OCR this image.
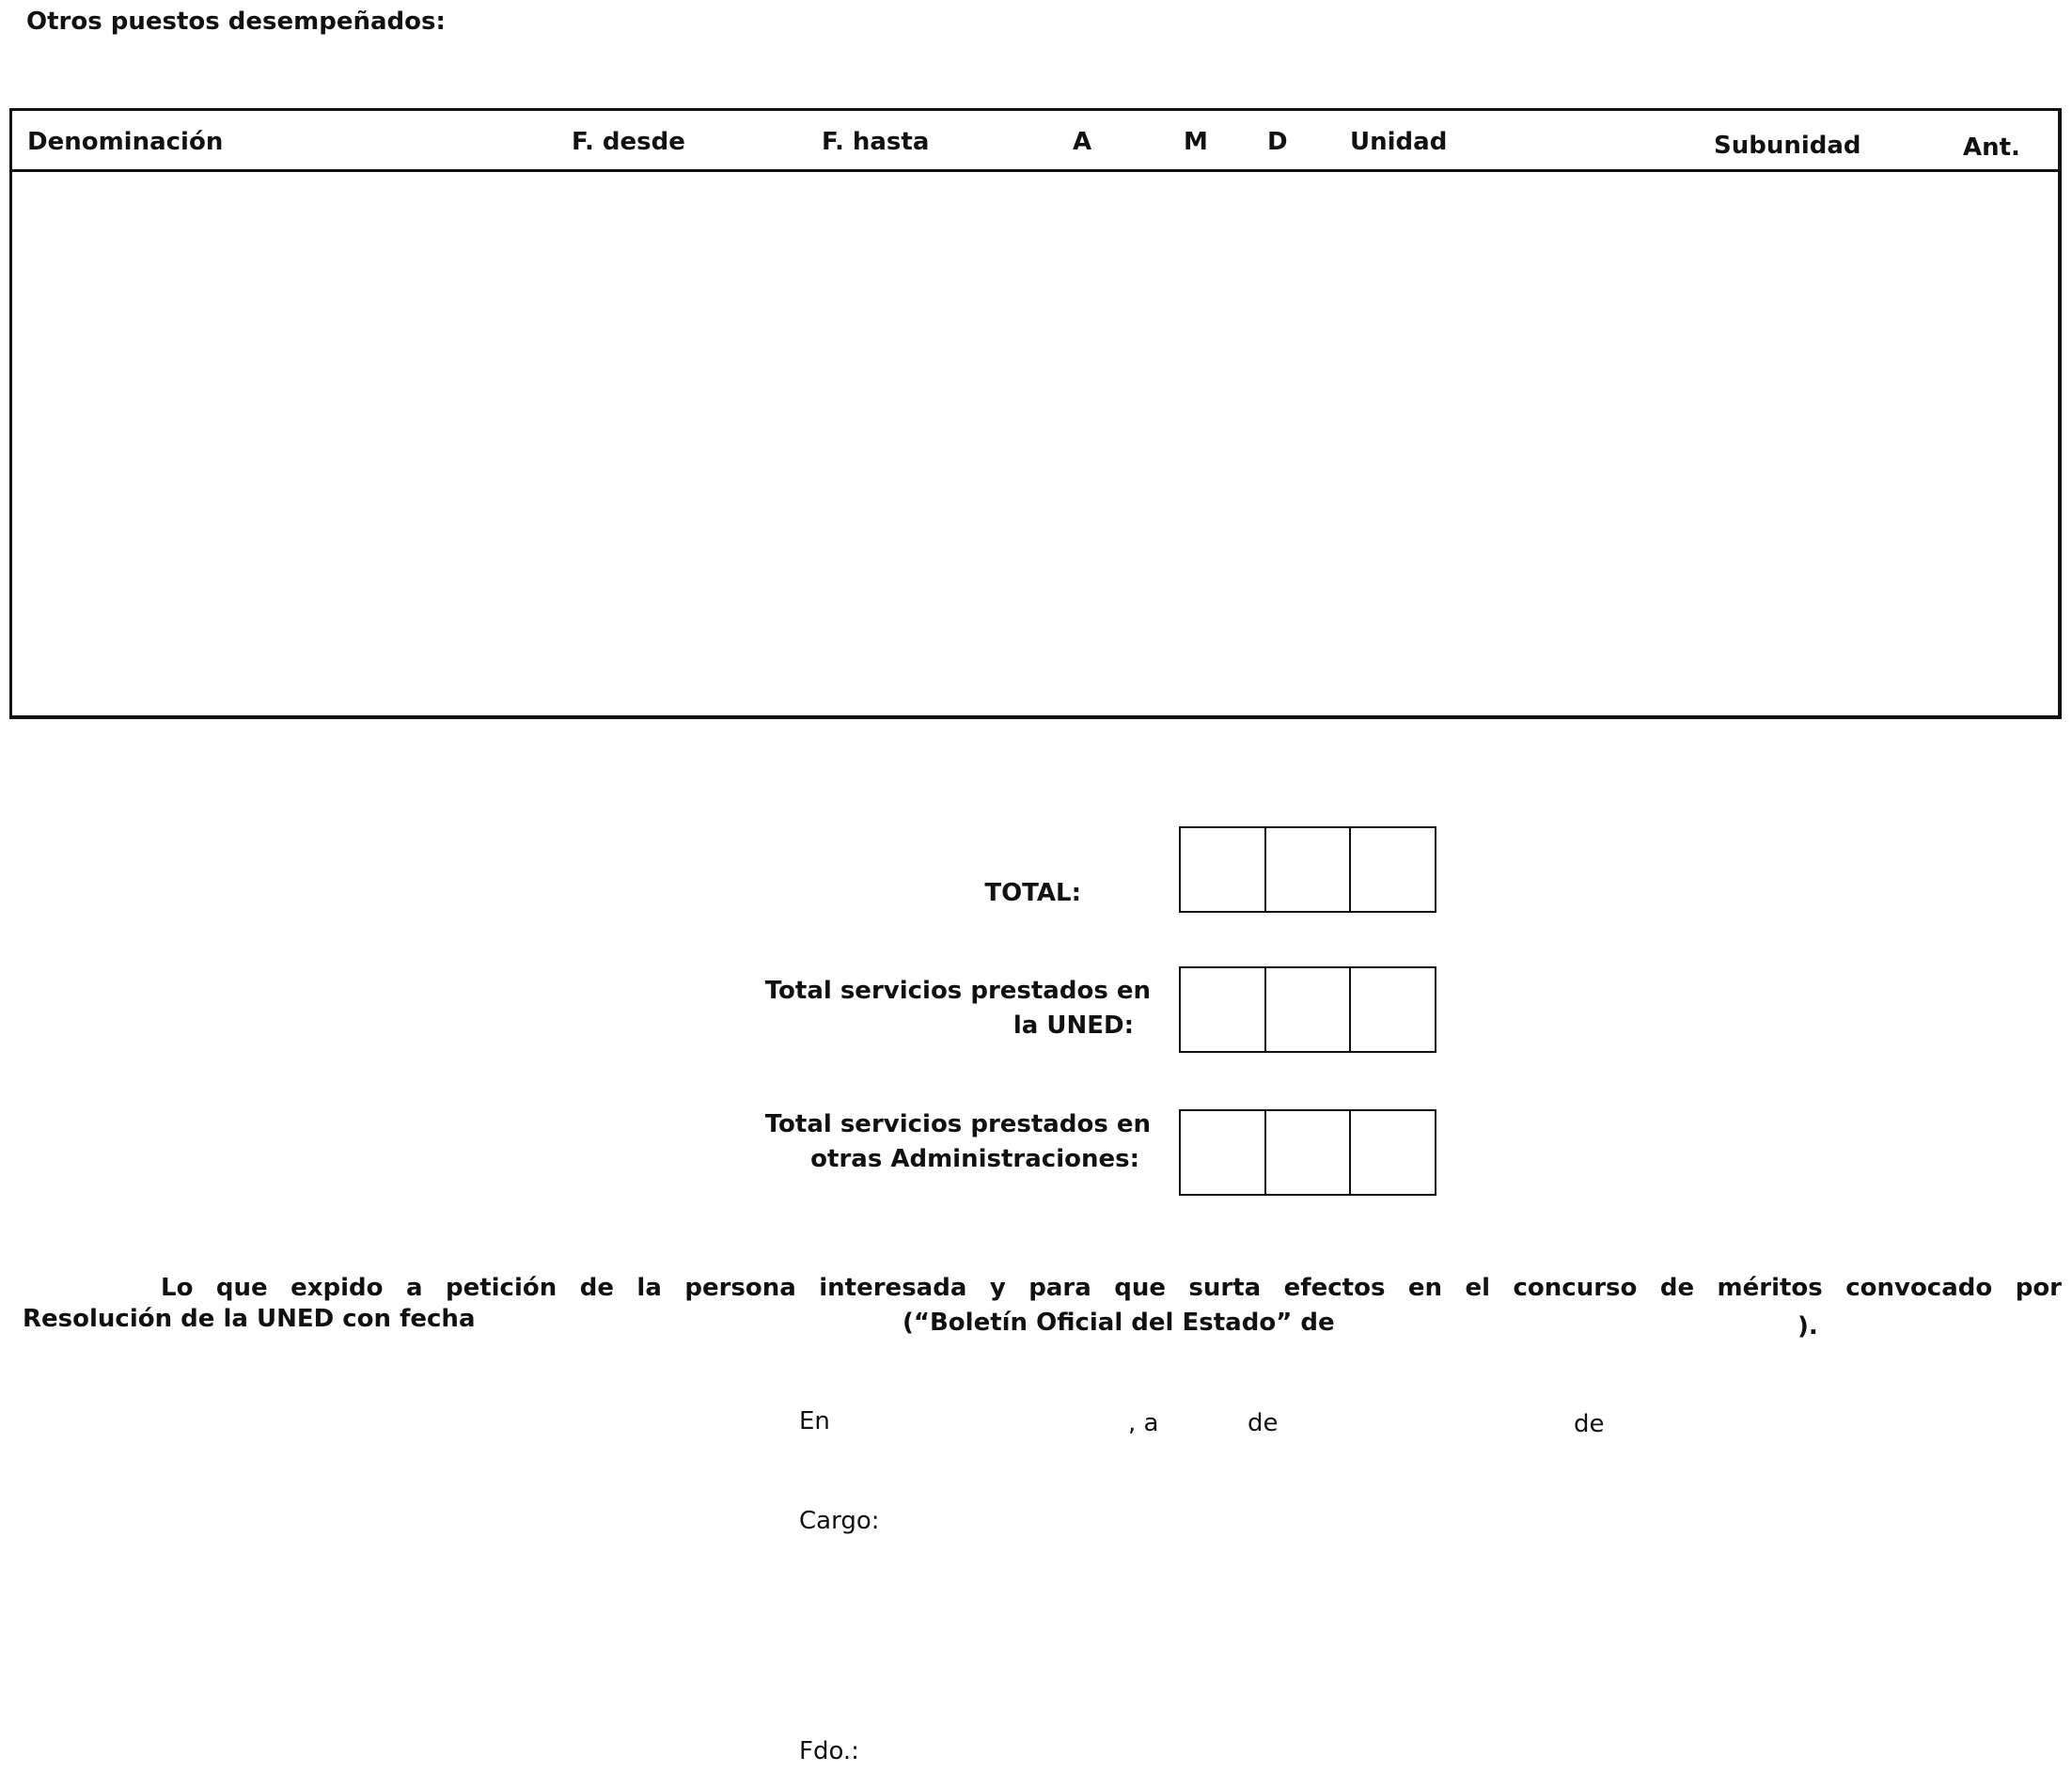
Otros puestos desempeñados:
Denominación	F. desde	F. hasta	A	M D	Unidad	Subunidad	Ant.
TOTAL:
Total servicios prestados en
la UNED:
Total servicios prestados en
otras Administraciones:
Lo que expido a petición de la persona interesada y para que surta efectos en el concurso de méritos convocado por
Resolución de la UNED con fecha	(“Boletín Oficial del Estado” de	).
En	, a	de	de
Cargo:
Fdo.:
